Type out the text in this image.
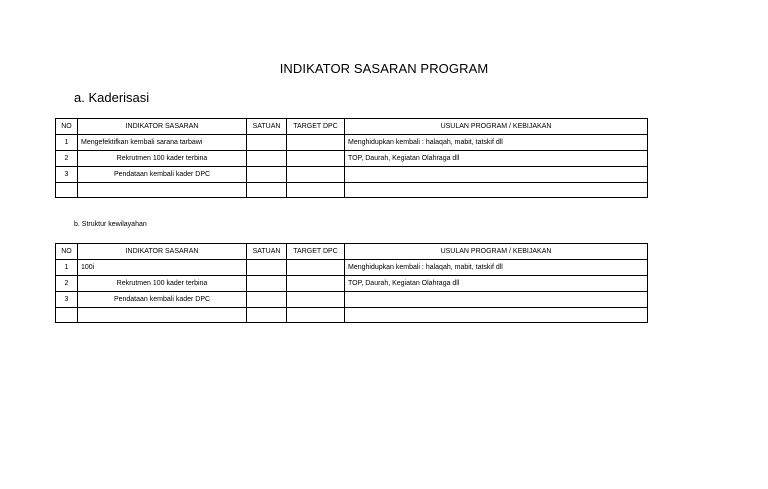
INDIKATOR SASARAN PROGRAM
a. Kaderisasi
NO	INDIKATOR SASARAN	SATUAN	TARGET DPC	USULAN PROGRAM / KEBIJAKAN
1	Mengefektifkan kembali sarana tarbawi			Menghidupkan kembali : halaqah, mabit, tatskif dll
2	Rekrutmen 100 kader terbina			TOP, Daurah, Kegiatan Olahraga dll
3	Pendataan kembali kader DPC			

b. Struktur kewilayahan
NO	INDIKATOR SASARAN	SATUAN	TARGET DPC	USULAN PROGRAM / KEBIJAKAN
1	100i			Menghidupkan kembali : halaqah, mabit, tatskif dll
2	Rekrutmen 100 kader terbina			TOP, Daurah, Kegiatan Olahraga dll
3	Pendataan kembali kader DPC			
